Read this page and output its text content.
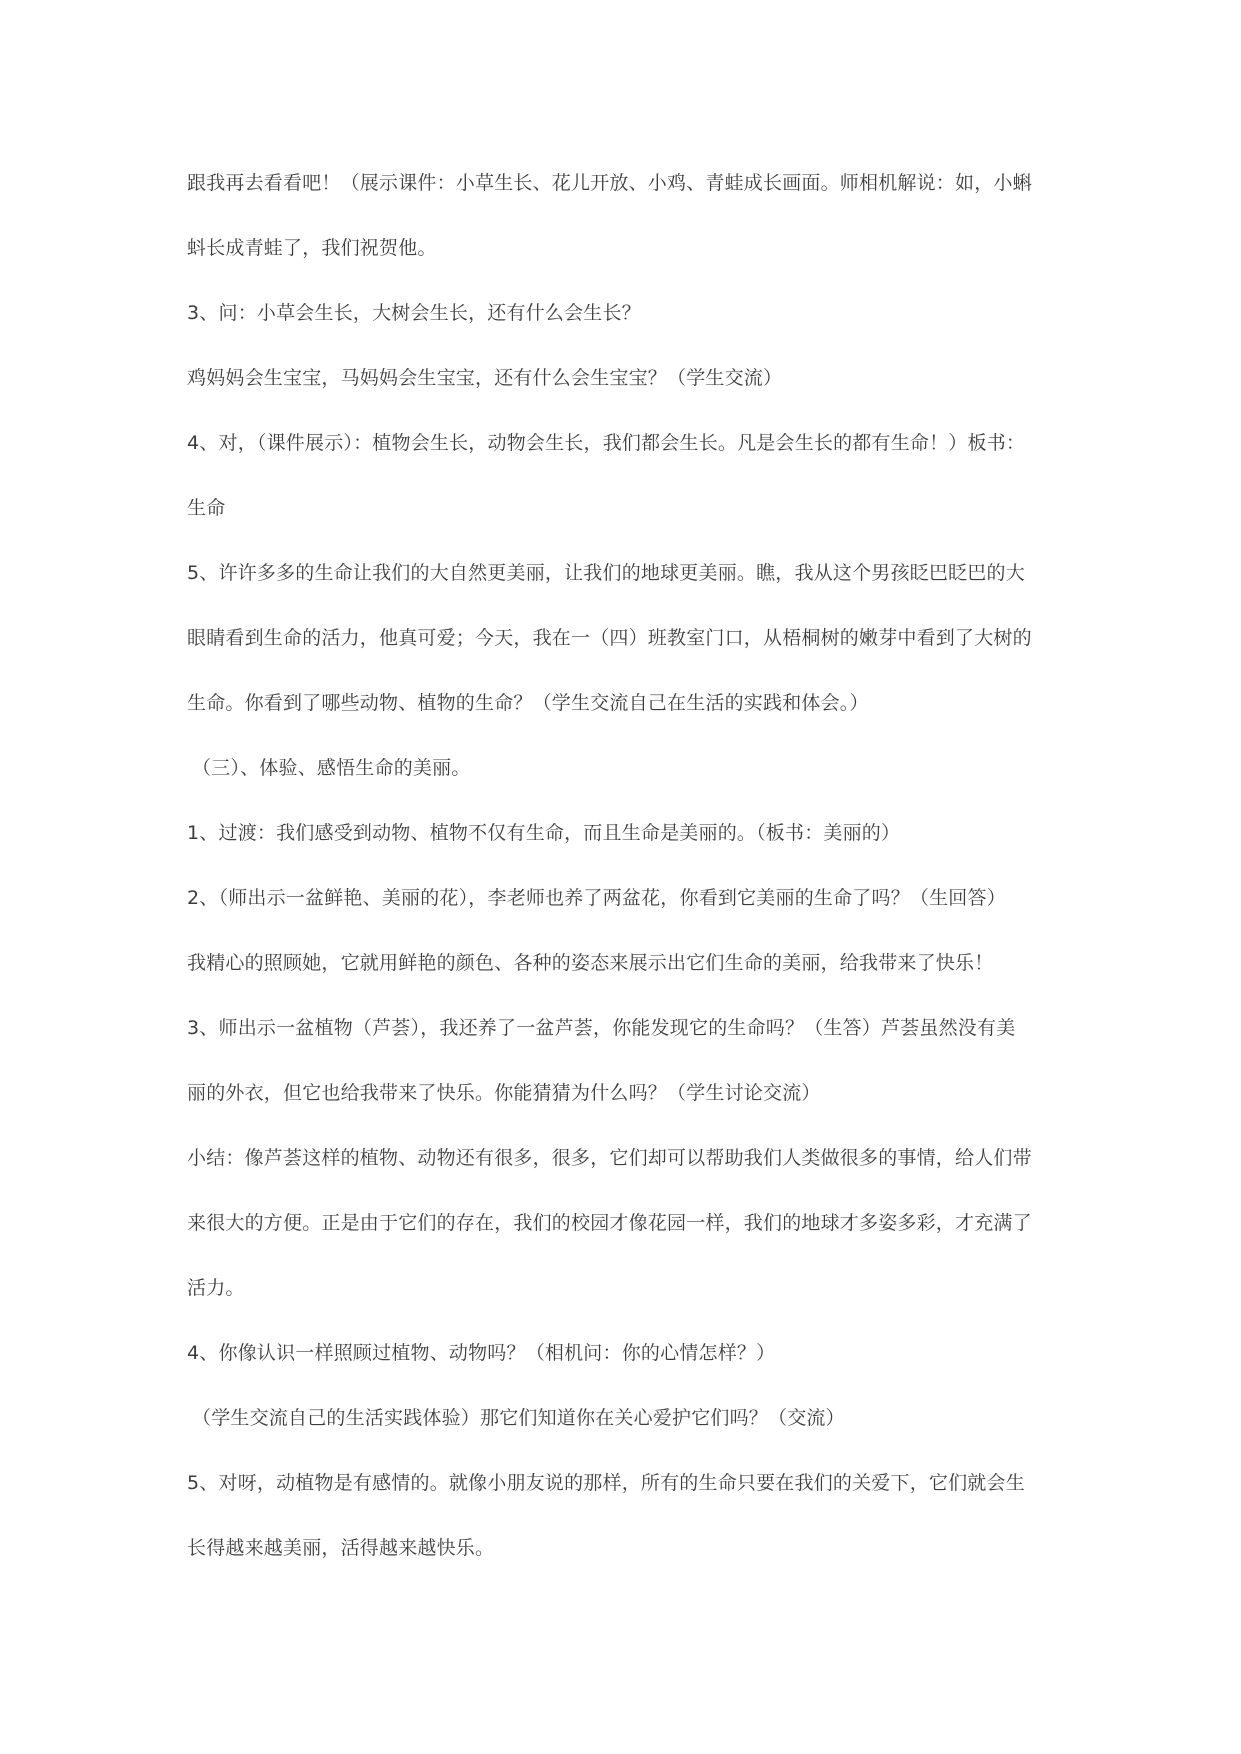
跟我再去看看吧！（展示课件：小草生长、花儿开放、小鸡、青蛙成长画面。师相机解说：如，小蝌
蚪长成青蛙了，我们祝贺他。
3、问：小草会生长，大树会生长，还有什么会生长？
鸡妈妈会生宝宝，马妈妈会生宝宝，还有什么会生宝宝？（学生交流）
4、对，（课件展示）：植物会生长，动物会生长，我们都会生长。凡是会生长的都有生命！）板书：
生命
5、许许多多的生命让我们的大自然更美丽，让我们的地球更美丽。瞧，我从这个男孩眨巴眨巴的大
眼睛看到生命的活力，他真可爱；今天，我在一（四）班教室门口，从梧桐树的嫩芽中看到了大树的
生命。你看到了哪些动物、植物的生命？（学生交流自己在生活的实践和体会。）
（三）、体验、感悟生命的美丽。
1、过渡：我们感受到动物、植物不仅有生命，而且生命是美丽的。（板书：美丽的）
2、（师出示一盆鲜艳、美丽的花），李老师也养了两盆花，你看到它美丽的生命了吗？（生回答）
我精心的照顾她，它就用鲜艳的颜色、各种的姿态来展示出它们生命的美丽，给我带来了快乐！
3、师出示一盆植物（芦荟），我还养了一盆芦荟，你能发现它的生命吗？（生答）芦荟虽然没有美
丽的外衣，但它也给我带来了快乐。你能猜猜为什么吗？（学生讨论交流）
小结：像芦荟这样的植物、动物还有很多，很多，它们却可以帮助我们人类做很多的事情，给人们带
来很大的方便。正是由于它们的存在，我们的校园才像花园一样，我们的地球才多姿多彩，才充满了
活力。
4、你像认识一样照顾过植物、动物吗？（相机问：你的心情怎样？）
（学生交流自己的生活实践体验）那它们知道你在关心爱护它们吗？（交流）
5、对呀，动植物是有感情的。就像小朋友说的那样，所有的生命只要在我们的关爱下，它们就会生
长得越来越美丽，活得越来越快乐。
